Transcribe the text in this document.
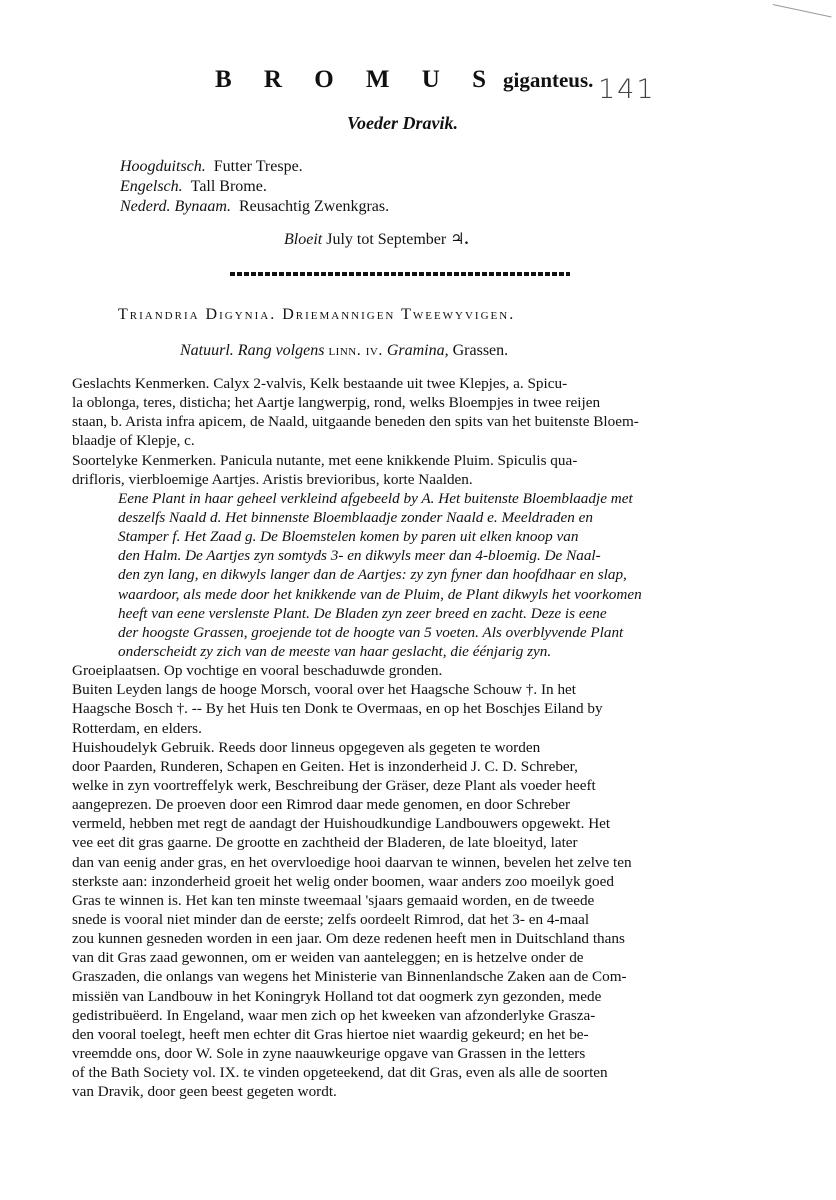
B R O M U S giganteus. 141
Voeder Dravik.
Hoogduitsch. Futter Trespe.
Engelsch. Tall Brome.
Nederd. Bynaam. Reusachtig Zwenkgras.
Bloeit July tot September ♃.
Triandria Digynia. Driemannigen Tweewyvigen.
Natuurl. Rang volgens linn. iv. Gramina, Grassen.
Geslachts Kenmerken. Calyx 2-valvis, Kelk bestaande uit twee Klepjes, a. Spicu-
la oblonga, teres, disticha; het Aartje langwerpig, rond, welks Bloempjes in twee reijen
staan, b. Arista infra apicem, de Naald, uitgaande beneden den spits van het buitenste Bloem-
blaadje of Klepje, c.
Soortelyke Kenmerken. Panicula nutante, met eene knikkende Pluim. Spiculis qua-
drifloris, vierbloemige Aartjes. Aristis brevioribus, korte Naalden.
Eene Plant in haar geheel verkleind afgebeeld by A. Het buitenste Bloemblaadje met
deszelfs Naald d. Het binnenste Bloemblaadje zonder Naald e. Meeldraden en
Stamper f. Het Zaad g. De Bloemstelen komen by paren uit elken knoop van
den Halm. De Aartjes zyn somtyds 3- en dikwyls meer dan 4-bloemig. De Naal-
den zyn lang, en dikwyls langer dan de Aartjes: zy zyn fyner dan hoofdhaar en slap,
waardoor, als mede door het knikkende van de Pluim, de Plant dikwyls het voorkomen
heeft van eene verslenste Plant. De Bladen zyn zeer breed en zacht. Deze is eene
der hoogste Grassen, groejende tot de hoogte van 5 voeten. Als overblyvende Plant
onderscheidt zy zich van de meeste van haar geslacht, die éénjarig zyn.
Groeiplaatsen. Op vochtige en vooral beschaduwde gronden.
Buiten Leyden langs de hooge Morsch, vooral over het Haagsche Schouw †. In het
Haagsche Bosch †. -- By het Huis ten Donk te Overmaas, en op het Boschjes Eiland by
Rotterdam, en elders.
Huishoudelyk Gebruik. Reeds door linneus opgegeven als gegeten te worden
door Paarden, Runderen, Schapen en Geiten. Het is inzonderheid J. C. D. Schreber,
welke in zyn voortreffelyk werk, Beschreibung der Gräser, deze Plant als voeder heeft
aangeprezen. De proeven door een Rimrod daar mede genomen, en door Schreber
vermeld, hebben met regt de aandagt der Huishoudkundige Landbouwers opgewekt. Het
vee eet dit gras gaarne. De grootte en zachtheid der Bladeren, de late bloeityd, later
dan van eenig ander gras, en het overvloedige hooi daarvan te winnen, bevelen het zelve ten
sterkste aan: inzonderheid groeit het welig onder boomen, waar anders zoo moeilyk goed
Gras te winnen is. Het kan ten minste tweemaal 'sjaars gemaaid worden, en de tweede
snede is vooral niet minder dan de eerste; zelfs oordeelt Rimrod, dat het 3- en 4-maal
zou kunnen gesneden worden in een jaar. Om deze redenen heeft men in Duitschland thans
van dit Gras zaad gewonnen, om er weiden van aanteleggen; en is hetzelve onder de
Graszaden, die onlangs van wegens het Ministerie van Binnenlandsche Zaken aan de Com-
missiën van Landbouw in het Koningryk Holland tot dat oogmerk zyn gezonden, mede
gedistribuëerd. In Engeland, waar men zich op het kweeken van afzonderlyke Grasza-
den vooral toelegt, heeft men echter dit Gras hiertoe niet waardig gekeurd; en het be-
vreemdde ons, door W. Sole in zyne naauwkeurige opgave van Grassen in the letters
of the Bath Society vol. IX. te vinden opgeteekend, dat dit Gras, even als alle de soorten
van Dravik, door geen beest gegeten wordt.
